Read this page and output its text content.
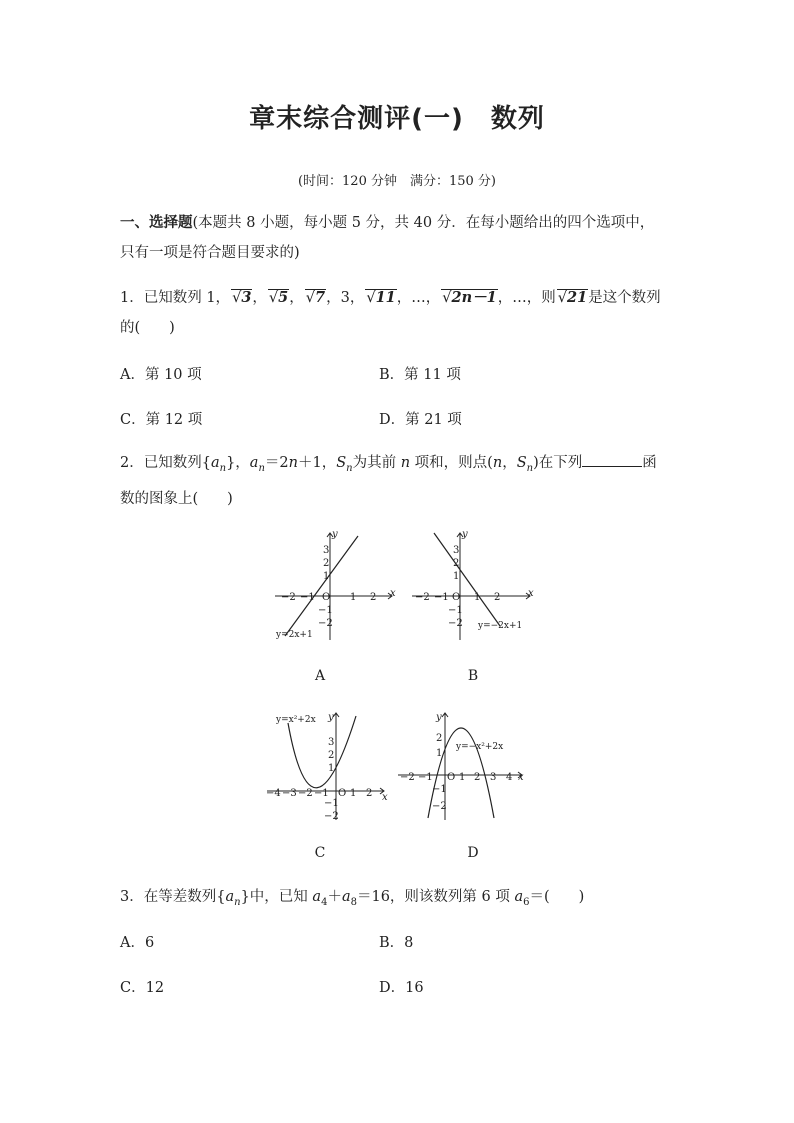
章末综合测评(一)　数列
(时间：120 分钟　满分：150 分)
一、选择题(本题共 8 小题，每小题 5 分，共 40 分．在每小题给出的四个选项中，
只有一项是符合题目要求的)
1．已知数列 1， √ 3， √ 5， √ 7，3， √ 11，…， √ 2n－1，…，则 √ 21是这个数列
的(　　)
A．第 10 项	B．第 11 项
C．第 12 项	D．第 21 项
2．已知数列$\{a_n\}$，$a_n=2n+1$，$S_n$为其前 n 项和，则点(n，$S_n$)在下列	函
数的图象上(　　)
y
x
−2 −1 O 1 2
3
2
1
−1
−2
y=2x+1
A
y
x
−2 −1 O 1 2
3
2
1
−1
−2 y=−2x+1
B
y
x
−4 −3 −2 −1 O 1 2
3
2
1
−1
−2
y=x²+2x
C
y
x
−2 −1 O 1 2 3 4
2
1
−1
−2
y=−x²+2x
D
3．在等差数列$\{a_n\}$中，已知 $a_4+a_8=16$，则该数列第 6 项 $a_6=$(　　)
A．6	B．8
C．12	D．16
